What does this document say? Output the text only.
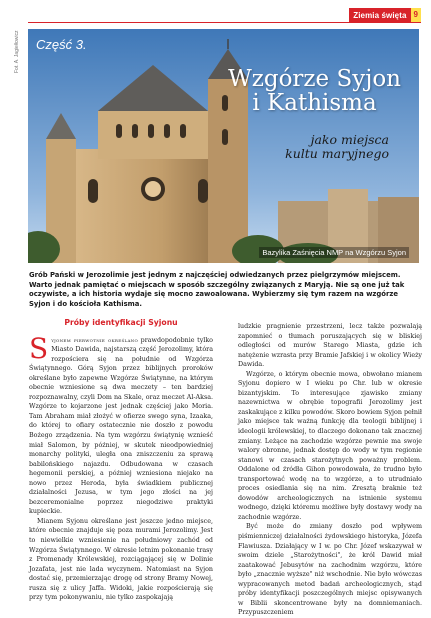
Ziemia święta 9
Fot. A. Jagiełłowicz Część 3.
Wzgórze Syjon
i Kathisma
jako miejsca
kultu maryjnego
Bazylika Zaśnięcia NMP na Wzgórzu Syjon

Grób Pański w Jerozolimie jest jednym z najczęściej odwiedzanych przez pielgrzymów miejscem. Warto jednak pamiętać o miejscach w sposób szczególny związanych z Maryją. Nie są one już tak oczywiste, a ich historia wydaje się mocno zawoalowana. Wybierzmy się tym razem na wzgórze Syjon i do kościoła Kathisma.

Próby identyfikacji Syjonu

Syjonem pierwotnie określano prawdopodobnie tylko Miasto Dawida, najstarszą część Jerozolimy, która rozpościera się na południe od Wzgórza Świątynnego. Górą Syjon przez biblijnych proroków określane było zapewne Wzgórze Świątynne, na którym obecnie wzniesione są dwa meczety – ten bardziej rozpoznawalny, czyli Dom na Skale, oraz meczet Al-Aksa. Wzgórze to kojarzone jest jednak częściej jako Moria. Tam Abraham miał złożyć w ofierze swego syna, Izaaka, do której to ofiary ostatecznie nie doszło z powodu Bożego zrządzenia. Na tym wzgórzu świątynię wznieść miał Salomon, by później, w skutek nieodpowiedniej monarchy polityki, uległa ona zniszczeniu za sprawą babilońskiego najazdu. Odbudowana w czasach hegemonii perskiej, a później wzniesiona niejako na nowo przez Heroda, była świadkiem publicznej działalności Jezusa, w tym jego złości na jej bezceremonialne poprzez niegodziwe praktyki kupieckie.

Mianem Syjonu określane jest jeszcze jedno miejsce, które obecnie znajduje się poza murami Jerozolimy. Jest to niewielkie wzniesienie na południowy zachód od Wzgórza Świątynnego. W okresie letnim pokonanie trasy z Promenady Królewskiej, rozciągającej się w Dolinie Jozafata, jest nie lada wyczynem. Natomiast na Syjon dostać się, przemierzając drogę od strony Bramy Nowej, rusza się z ulicy Jaffa. Widoki, jakie rozpościerają się przy tym pokonywaniu, nie tylko zaspokajają

ludzkie pragnienie przestrzeni, lecz także pozwalają zapomnieć o tłumach poruszających się w bliskiej odległości od murów Starego Miasta, gdzie ich natężenie wzrasta przy Bramie Jafskiej i w okolicy Wieży Dawida.

Wzgórze, o którym obecnie mowa, obwołano mianem Syjonu dopiero w I wieku po Chr. lub w okresie bizantyjskim. To interesujące zjawisko zmiany nazewnictwa w obrębie topografii Jerozolimy jest zaskakujące z kilku powodów. Skoro bowiem Syjon pełnił jako miejsce tak ważną funkcję dla teologii biblijnej i ideologii królewskiej, to dlaczego dokonano tak znacznej zmiany. Leżące na zachodzie wzgórze pewnie ma swoje walory obronne, jednak dostęp do wody w tym regionie stanowi w czasach starożytnych poważny problem. Oddalone od źródła Gihon powodowała, że trudno było transportować wodę na to wzgórze, a to utrudniało proces osiedlania się na nim. Zresztą braknie też dowodów archeologicznych na istnienie systemu wodnego, dzięki któremu możliwe były dostawy wody na zachodnie wzgórze.

Być może do zmiany doszło pod wpływem piśmienniczej działalności żydowskiego historyka, Józefa Flawiusza. Działający w I w. po Chr. Józef wskazywał w swoim dziele „Starożytności", że król Dawid miał zaatakować Jebusytów na zachodnim wzgórzu, które było „znacznie wyższe" niż wschodnie. Nie było wówczas wypracowanych metod badań archeologicznych, stąd próby identyfikacji poszczególnych miejsc opisywanych w Biblii skoncentrowane były na domniemaniach. Przypuszczeniem
